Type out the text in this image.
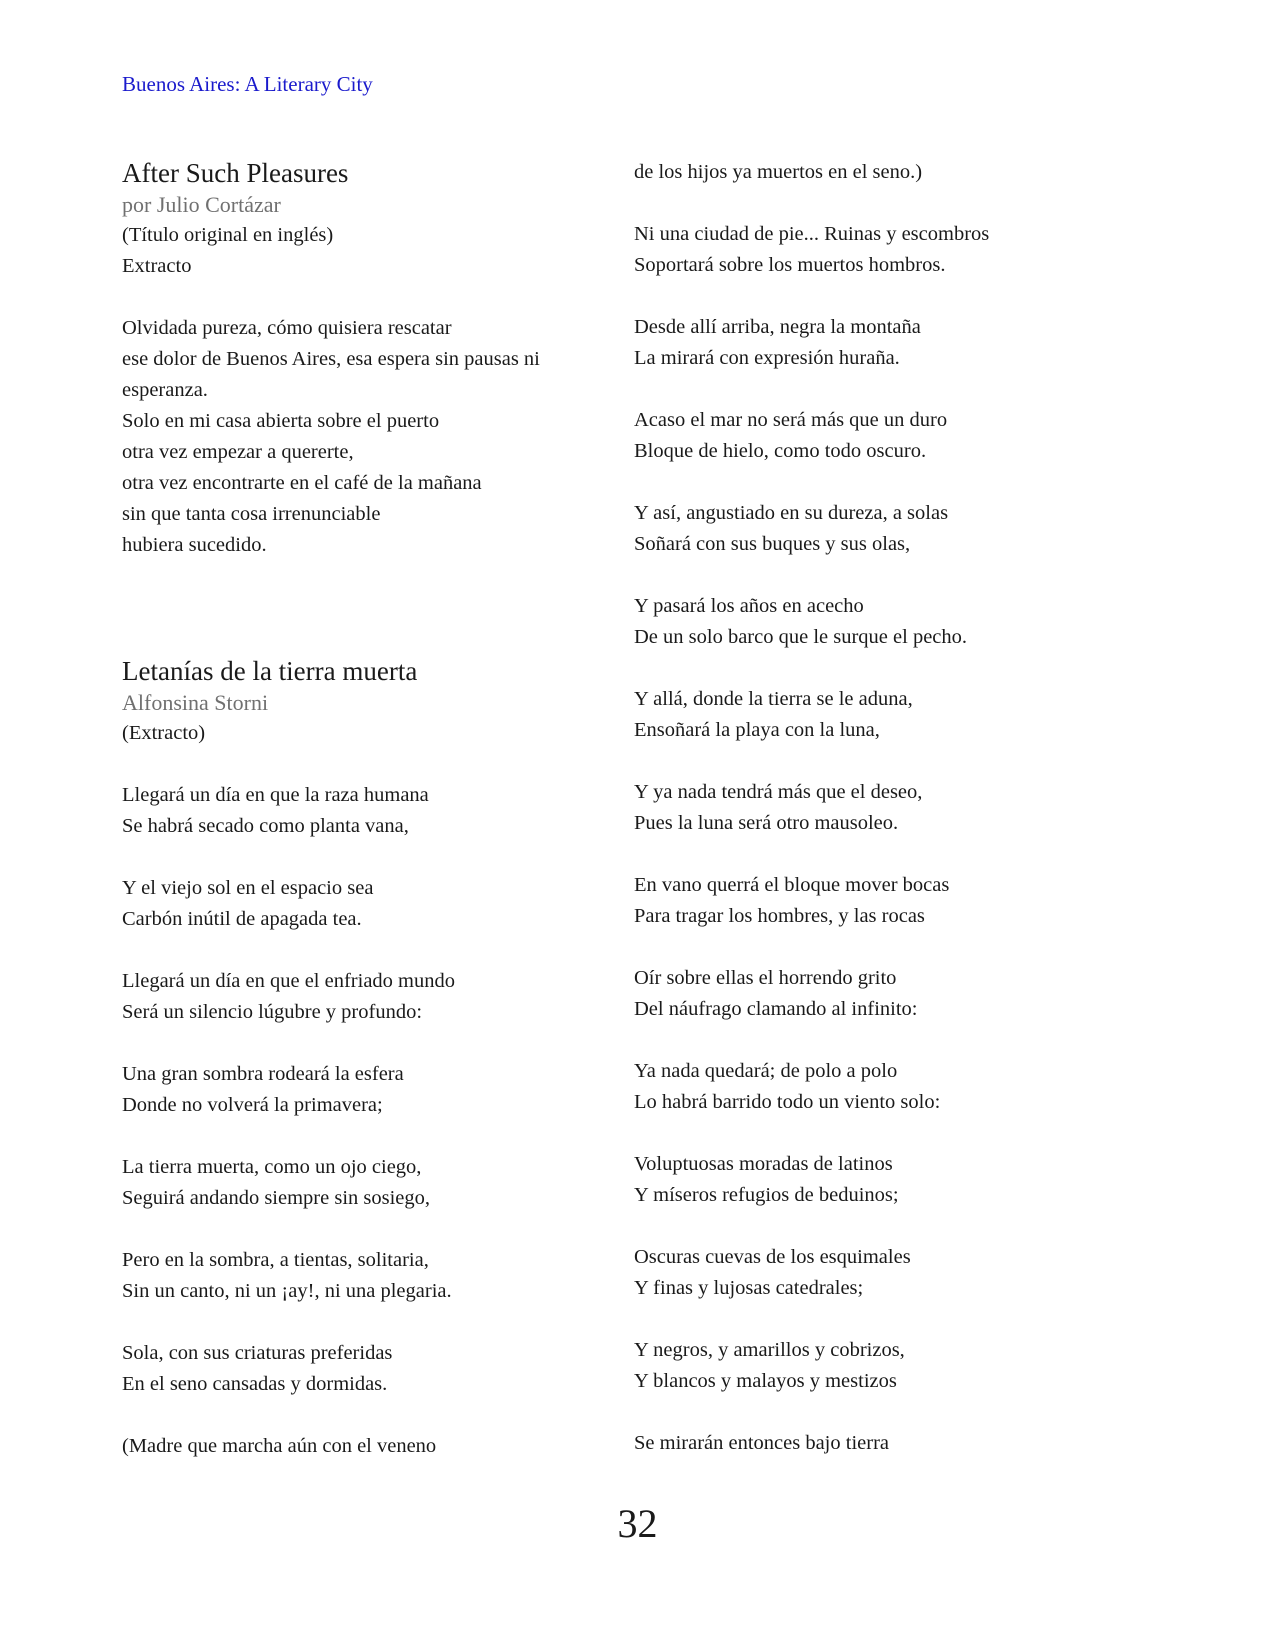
Buenos Aires: A Literary City
After Such Pleasures
por Julio Cortázar
(Título original en inglés)
Extracto
Olvidada pureza, cómo quisiera rescatar
ese dolor de Buenos Aires, esa espera sin pausas ni esperanza.
Solo en mi casa abierta sobre el puerto
otra vez empezar a quererte,
otra vez encontrarte en el café de la mañana
sin que tanta cosa irrenunciable
hubiera sucedido.
Letanías de la tierra muerta
Alfonsina Storni
(Extracto)
Llegará un día en que la raza humana
Se habrá secado como planta vana,
Y el viejo sol en el espacio sea
Carbón inútil de apagada tea.
Llegará un día en que el enfriado mundo
Será un silencio lúgubre y profundo:
Una gran sombra rodeará la esfera
Donde no volverá la primavera;
La tierra muerta, como un ojo ciego,
Seguirá andando siempre sin sosiego,
Pero en la sombra, a tientas, solitaria,
Sin un canto, ni un ¡ay!, ni una plegaria.
Sola, con sus criaturas preferidas
En el seno cansadas y dormidas.
(Madre que marcha aún con el veneno
de los hijos ya muertos en el seno.)
Ni una ciudad de pie... Ruinas y escombros
Soportará sobre los muertos hombros.
Desde allí arriba, negra la montaña
La mirará con expresión huraña.
Acaso el mar no será más que un duro
Bloque de hielo, como todo oscuro.
Y así, angustiado en su dureza, a solas
Soñará con sus buques y sus olas,
Y pasará los años en acecho
De un solo barco que le surque el pecho.
Y allá, donde la tierra se le aduna,
Ensoñará la playa con la luna,
Y ya nada tendrá más que el deseo,
Pues la luna será otro mausoleo.
En vano querrá el bloque mover bocas
Para tragar los hombres, y las rocas
Oír sobre ellas el horrendo grito
Del náufrago clamando al infinito:
Ya nada quedará; de polo a polo
Lo habrá barrido todo un viento solo:
Voluptuosas moradas de latinos
Y míseros refugios de beduinos;
Oscuras cuevas de los esquimales
Y finas y lujosas catedrales;
Y negros, y amarillos y cobrizos,
Y blancos y malayos y mestizos
Se mirarán entonces bajo tierra
32
